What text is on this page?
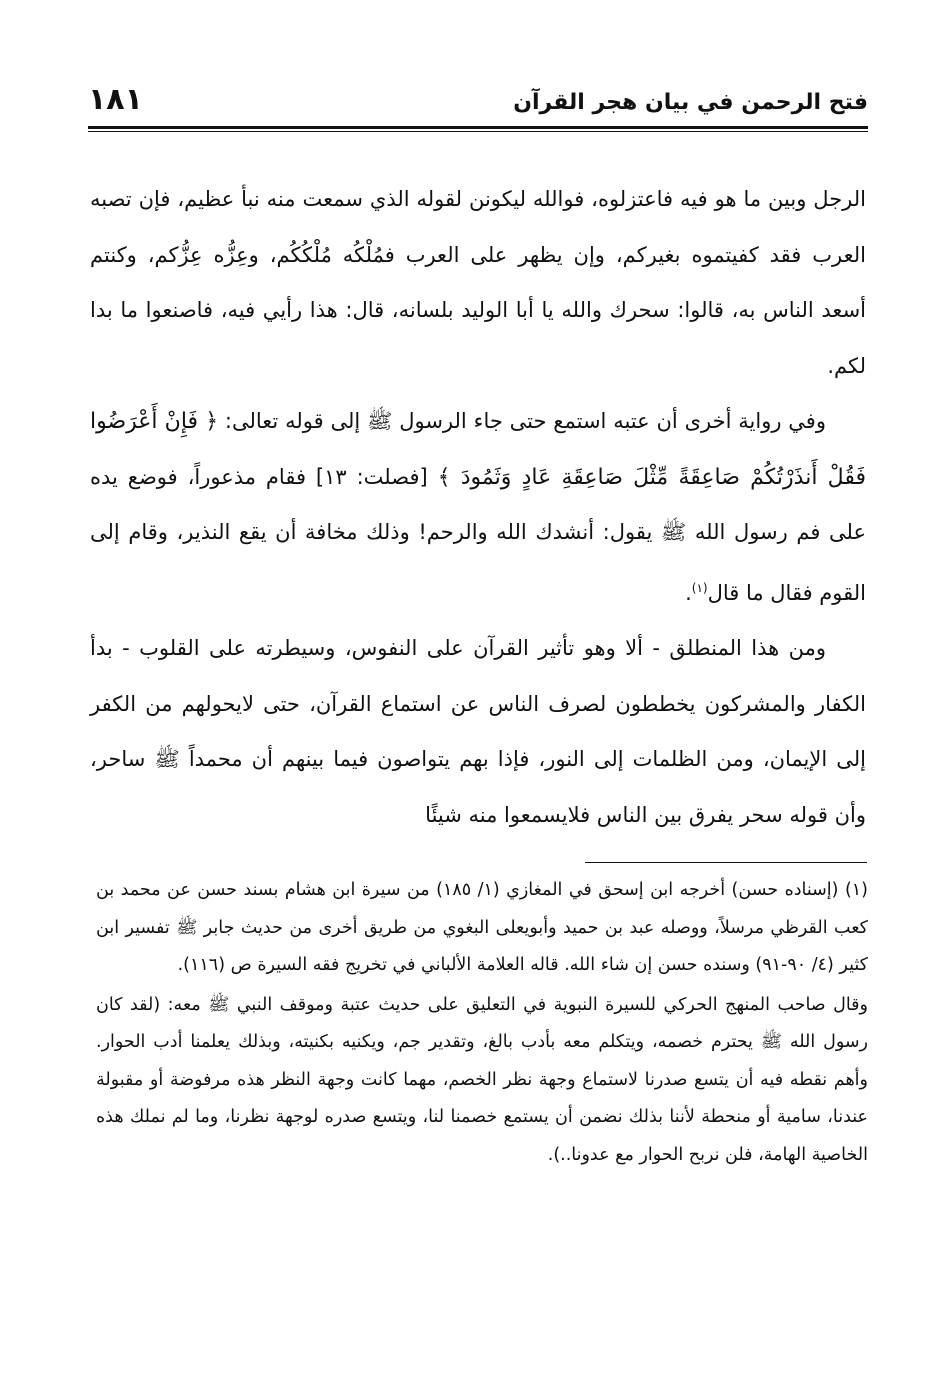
فتح الرحمن في بيان هجر القرآن
١٨١

الرجل وبين ما هو فيه فاعتزلوه، فوالله ليكونن لقوله الذي سمعت منه نبأ عظيم، فإن تصبه العرب فقد كفيتموه بغيركم، وإن يظهر على العرب فمُلْكُه مُلْكُكُم، وعِزُّه عِزُّكم، وكنتم أسعد الناس به، قالوا: سحرك والله يا أبا الوليد بلسانه، قال: هذا رأيي فيه، فاصنعوا ما بدا لكم.

وفي رواية أخرى أن عتبه استمع حتى جاء الرسول ﷺ إلى قوله تعالى: ﴿ فَإِنْ أَعْرَضُوا فَقُلْ أَنذَرْتُكُمْ صَاعِقَةً مِّثْلَ صَاعِقَةِ عَادٍ وَثَمُودَ ﴾ [فصلت: ١٣] فقام مذعوراً، فوضع يده على فم رسول الله ﷺ يقول: أنشدك الله والرحم! وذلك مخافة أن يقع النذير، وقام إلى القوم فقال ما قال$^{(١)}$.

ومن هذا المنطلق - ألا وهو تأثير القرآن على النفوس، وسيطرته على القلوب - بدأ الكفار والمشركون يخططون لصرف الناس عن استماع القرآن، حتى لايحولهم من الكفر إلى الإيمان، ومن الظلمات إلى النور، فإذا بهم يتواصون فيما بينهم أن محمداً ﷺ ساحر، وأن قوله سحر يفرق بين الناس فلايسمعوا منه شيئًا

(١) (إسناده حسن) أخرجه ابن إسحق في المغازي (١/ ١٨٥) من سيرة ابن هشام بسند حسن عن محمد بن كعب القرظي مرسلاً، ووصله عبد بن حميد وأبويعلى البغوي من طريق أخرى من حديث جابر ﷺ تفسير ابن كثير (٤/ ٩٠-٩١) وسنده حسن إن شاء الله. قاله العلامة الألباني في تخريج فقه السيرة ص (١١٦).

وقال صاحب المنهج الحركي للسيرة النبوية في التعليق على حديث عتبة وموقف النبي ﷺ معه: (لقد كان رسول الله ﷺ يحترم خصمه، ويتكلم معه بأدب بالغ، وتقدير جم، ويكنيه بكنيته، وبذلك يعلمنا أدب الحوار. وأهم نقطه فيه أن يتسع صدرنا لاستماع وجهة نظر الخصم، مهما كانت وجهة النظر هذه مرفوضة أو مقبولة عندنا، سامية أو منحطة لأننا بذلك نضمن أن يستمع خصمنا لنا، ويتسع صدره لوجهة نظرنا، وما لم نملك هذه الخاصية الهامة، فلن نربح الحوار مع عدونا..).
